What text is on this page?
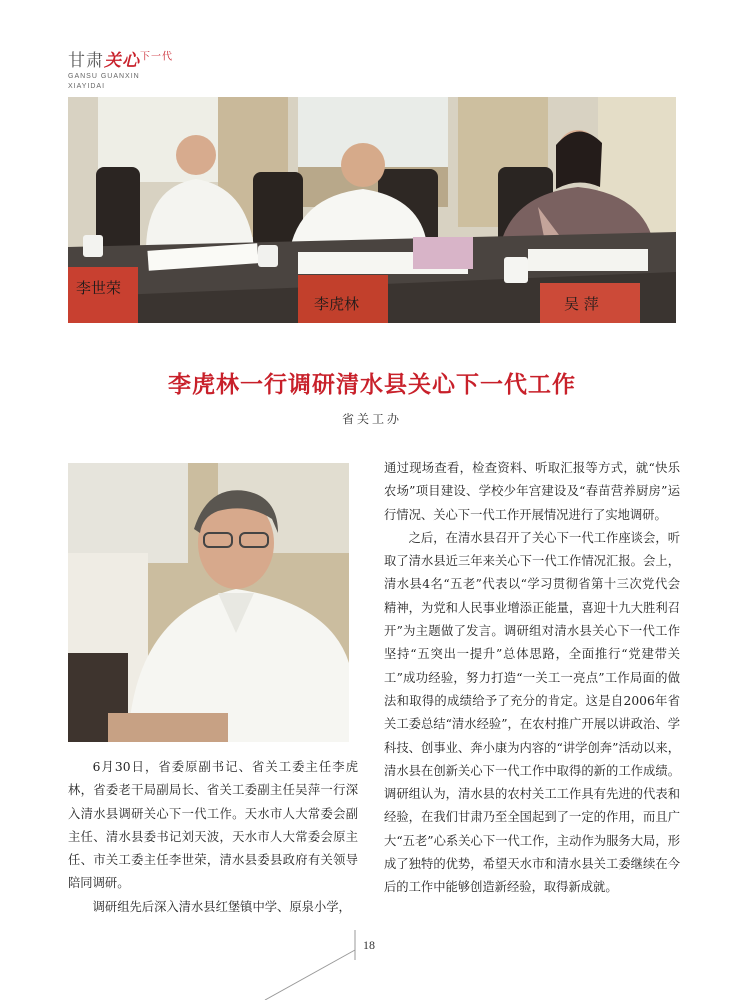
甘肃关心$^{下一代}$
GANSU GUANXIN
XIAYIDAI
李世荣
李虎林	吴 萍
李虎林一行调研清水县关心下一代工作
省关工办

6月30日，省委原副书记、省关工委主任李虎林，省委老干局副局长、省关工委副主任吴萍一行深入清水县调研关心下一代工作。天水市人大常委会副主任、清水县委书记刘天波，天水市人大常委会原主任、市关工委主任李世荣，清水县委县政府有关领导陪同调研。

调研组先后深入清水县红堡镇中学、原泉小学，

通过现场查看，检查资料、听取汇报等方式，就“快乐农场”项目建设、学校少年宫建设及“春苗营养厨房”运行情况、关心下一代工作开展情况进行了实地调研。

之后，在清水县召开了关心下一代工作座谈会，听取了清水县近三年来关心下一代工作情况汇报。会上，清水县4名“五老”代表以“学习贯彻省第十三次党代会精神，为党和人民事业增添正能量，喜迎十九大胜利召开”为主题做了发言。调研组对清水县关心下一代工作坚持“五突出一提升”总体思路，全面推行“党建带关工”成功经验，努力打造“一关工一亮点”工作局面的做法和取得的成绩给予了充分的肯定。这是自2006年省关工委总结“清水经验”，在农村推广开展以讲政治、学科技、创事业、奔小康为内容的“讲学创奔”活动以来，清水县在创新关心下一代工作中取得的新的工作成绩。调研组认为，清水县的农村关工工作具有先进的代表和经验，在我们甘肃乃至全国起到了一定的作用，而且广大“五老”心系关心下一代工作，主动作为服务大局，形成了独特的优势，希望天水市和清水县关工委继续在今后的工作中能够创造新经验，取得新成就。

18
